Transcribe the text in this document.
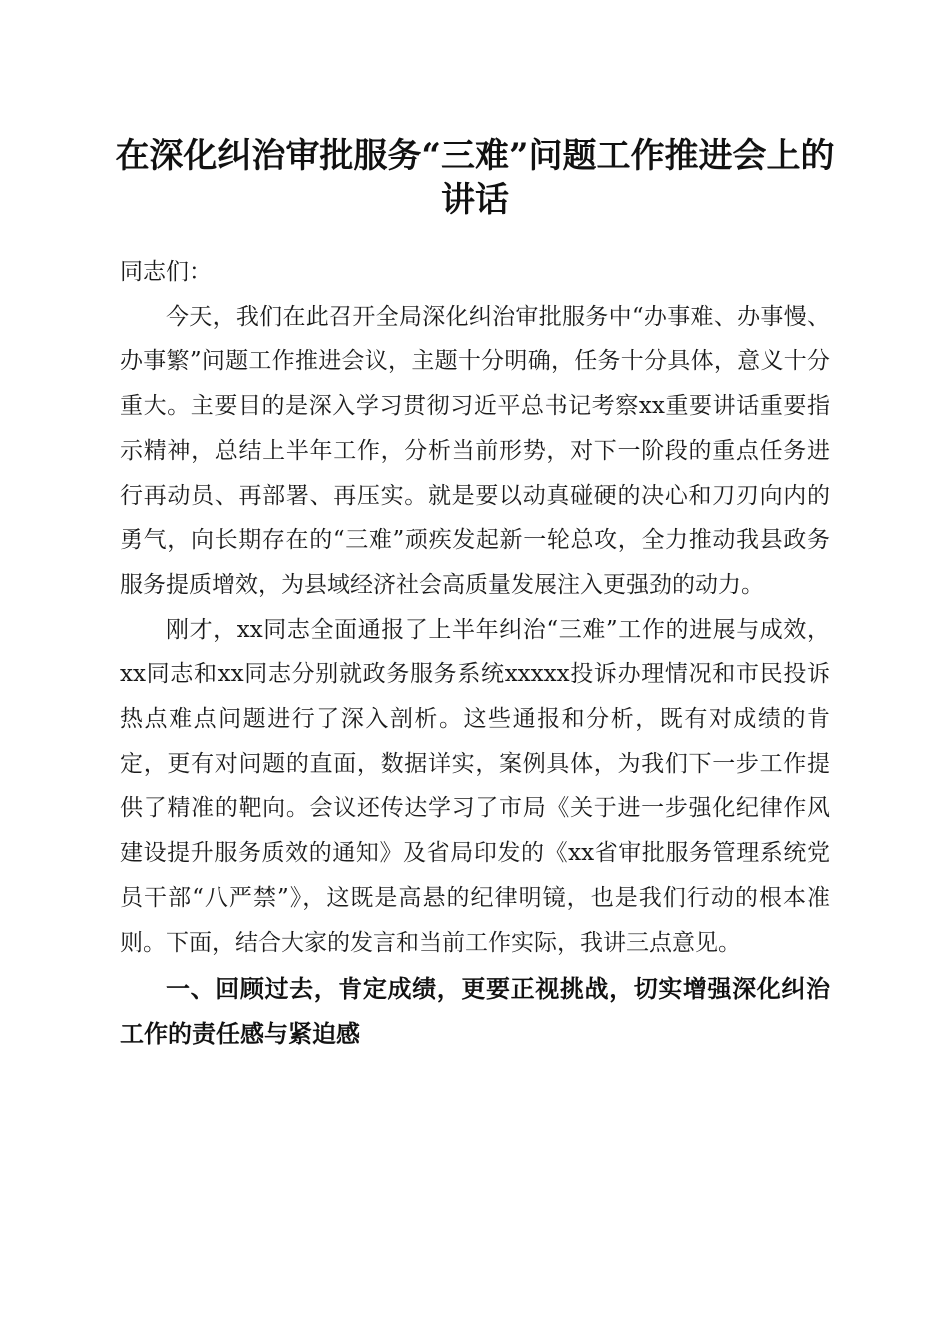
在深化纠治审批服务“三难”问题工作推进会上的讲话

同志们：

今天，我们在此召开全局深化纠治审批服务中“办事难、办事慢、办事繁”问题工作推进会议，主题十分明确，任务十分具体，意义十分重大。主要目的是深入学习贯彻习近平总书记考察xx重要讲话重要指示精神，总结上半年工作，分析当前形势，对下一阶段的重点任务进行再动员、再部署、再压实。就是要以动真碰硬的决心和刀刃向内的勇气，向长期存在的“三难”顽疾发起新一轮总攻，全力推动我县政务服务提质增效，为县域经济社会高质量发展注入更强劲的动力。

刚才，xx同志全面通报了上半年纠治“三难”工作的进展与成效，xx同志和xx同志分别就政务服务系统xxxxx投诉办理情况和市民投诉热点难点问题进行了深入剖析。这些通报和分析，既有对成绩的肯定，更有对问题的直面，数据详实，案例具体，为我们下一步工作提供了精准的靶向。会议还传达学习了市局《关于进一步强化纪律作风建设提升服务质效的通知》及省局印发的《xx省审批服务管理系统党员干部“八严禁”》，这既是高悬的纪律明镜，也是我们行动的根本准则。下面，结合大家的发言和当前工作实际，我讲三点意见。

一、回顾过去，肯定成绩，更要正视挑战，切实增强深化纠治工作的责任感与紧迫感
